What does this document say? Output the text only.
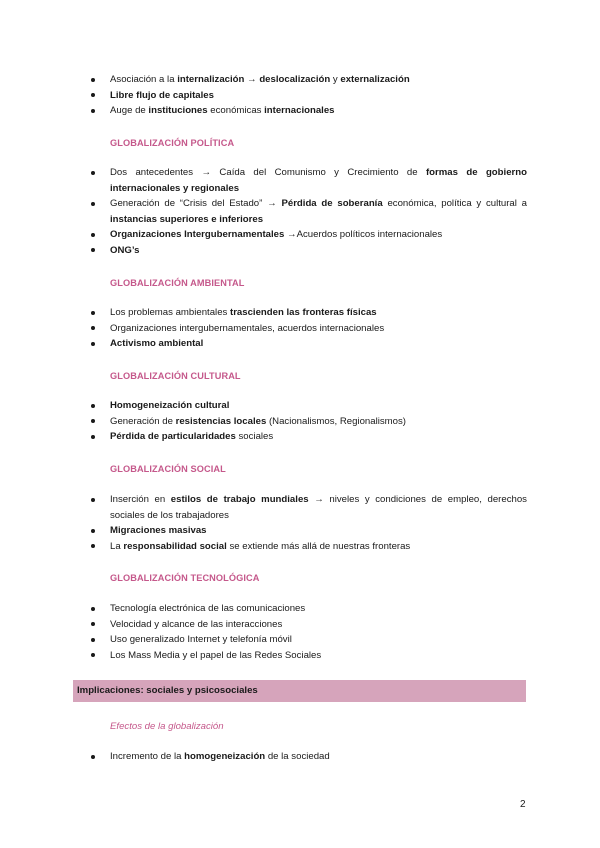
Asociación a la internalización → deslocalización y externalización
Libre flujo de capitales
Auge de instituciones económicas internacionales
GLOBALIZACIÓN POLÍTICA
Dos antecedentes → Caída del Comunismo y Crecimiento de formas de gobierno internacionales y regionales
Generación de “Crisis del Estado” → Pérdida de soberanía económica, política y cultural a instancias superiores e inferiores
Organizaciones Intergubernamentales →Acuerdos políticos internacionales
ONG’s
GLOBALIZACIÓN AMBIENTAL
Los problemas ambientales trascienden las fronteras físicas
Organizaciones intergubernamentales, acuerdos internacionales
Activismo ambiental
GLOBALIZACIÓN CULTURAL
Homogeneización cultural
Generación de resistencias locales (Nacionalismos, Regionalismos)
Pérdida de particularidades sociales
GLOBALIZACIÓN SOCIAL
Inserción en estilos de trabajo mundiales → niveles y condiciones de empleo, derechos sociales de los trabajadores
Migraciones masivas
La responsabilidad social se extiende más allá de nuestras fronteras
GLOBALIZACIÓN TECNOLÓGICA
Tecnología electrónica de las comunicaciones
Velocidad y alcance de las interacciones
Uso generalizado Internet y telefonía móvil
Los Mass Media y el papel de las Redes Sociales
Implicaciones: sociales y psicosociales
Efectos de la globalización
Incremento de la homogeneización de la sociedad
2
